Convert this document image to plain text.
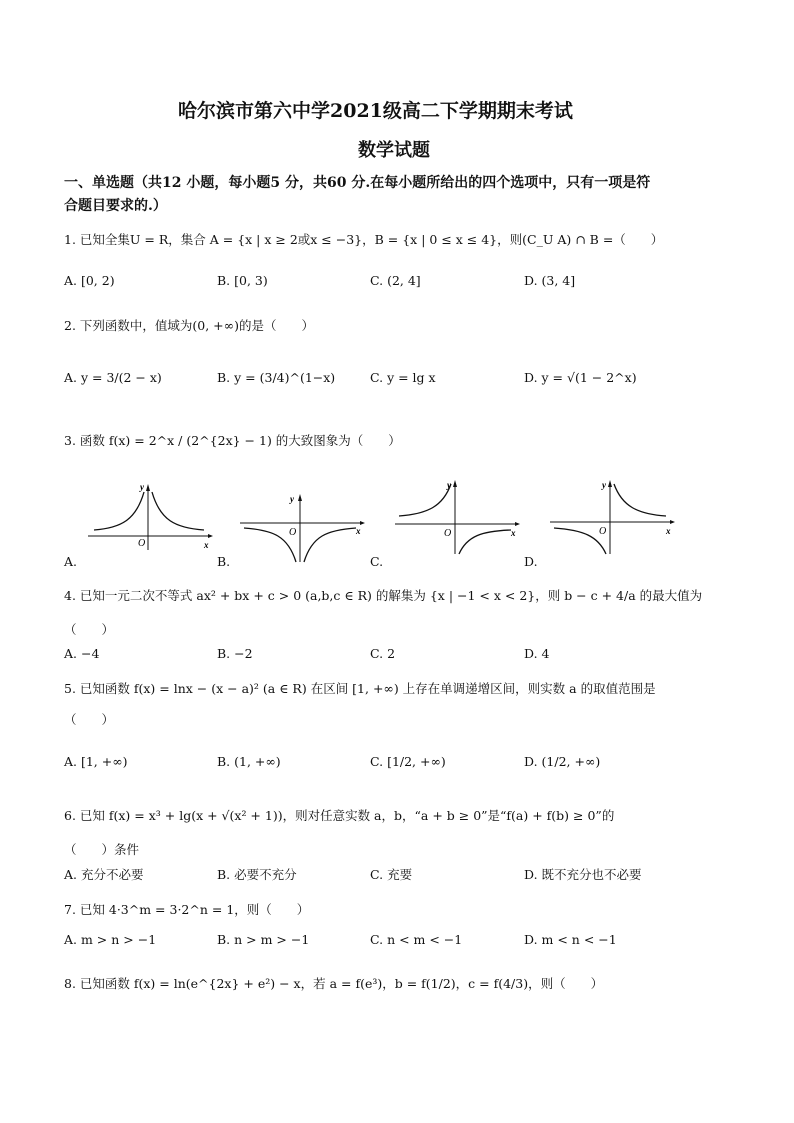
哈尔滨市第六中学2021级高二下学期期末考试
数学试题
一、单选题（共12 小题，每小题5 分，共60 分.在每小题所给出的四个选项中，只有一项是符
合题目要求的.）
1. 已知全集U = R，集合 A = {x | x ≥ 2或x ≤ −3}，B = {x | 0 ≤ x ≤ 4}，则(C_U A) ∩ B =（　　）
A. [0, 2)	B. [0, 3)	C. (2, 4]	D. (3, 4]
2. 下列函数中，值域为(0, +∞)的是（　　）
A. y = 3/(2 − x)	B. y = (3/4)^(1−x)	C. y = lg x	D. y = √(1 − 2^x)
3. 函数 f(x) = 2^x / (2^{2x} − 1) 的大致图象为（　　）
y
O	x
y
O	x
y
O	x
y
O	x
A.	B.	C.	D.
4. 已知一元二次不等式 ax² + bx + c > 0 (a,b,c ∈ R) 的解集为 {x | −1 < x < 2}，则 b − c + 4/a 的最大值为
（　　）
A. −4	B. −2	C. 2	D. 4
5. 已知函数 f(x) = lnx − (x − a)² (a ∈ R) 在区间 [1, +∞) 上存在单调递增区间，则实数 a 的取值范围是
（　　）
A. [1, +∞)	B. (1, +∞)	C. [1/2, +∞)	D. (1/2, +∞)
6. 已知 f(x) = x³ + lg(x + √(x² + 1))，则对任意实数 a，b，“a + b ≥ 0”是“f(a) + f(b) ≥ 0”的
（　　）条件
A. 充分不必要	B. 必要不充分	C. 充要	D. 既不充分也不必要
7. 已知 4·3^m = 3·2^n = 1，则（　　）
A. m > n > −1	B. n > m > −1	C. n < m < −1	D. m < n < −1
8. 已知函数 f(x) = ln(e^{2x} + e²) − x，若 a = f(e³)，b = f(1/2)，c = f(4/3)，则（　　）
